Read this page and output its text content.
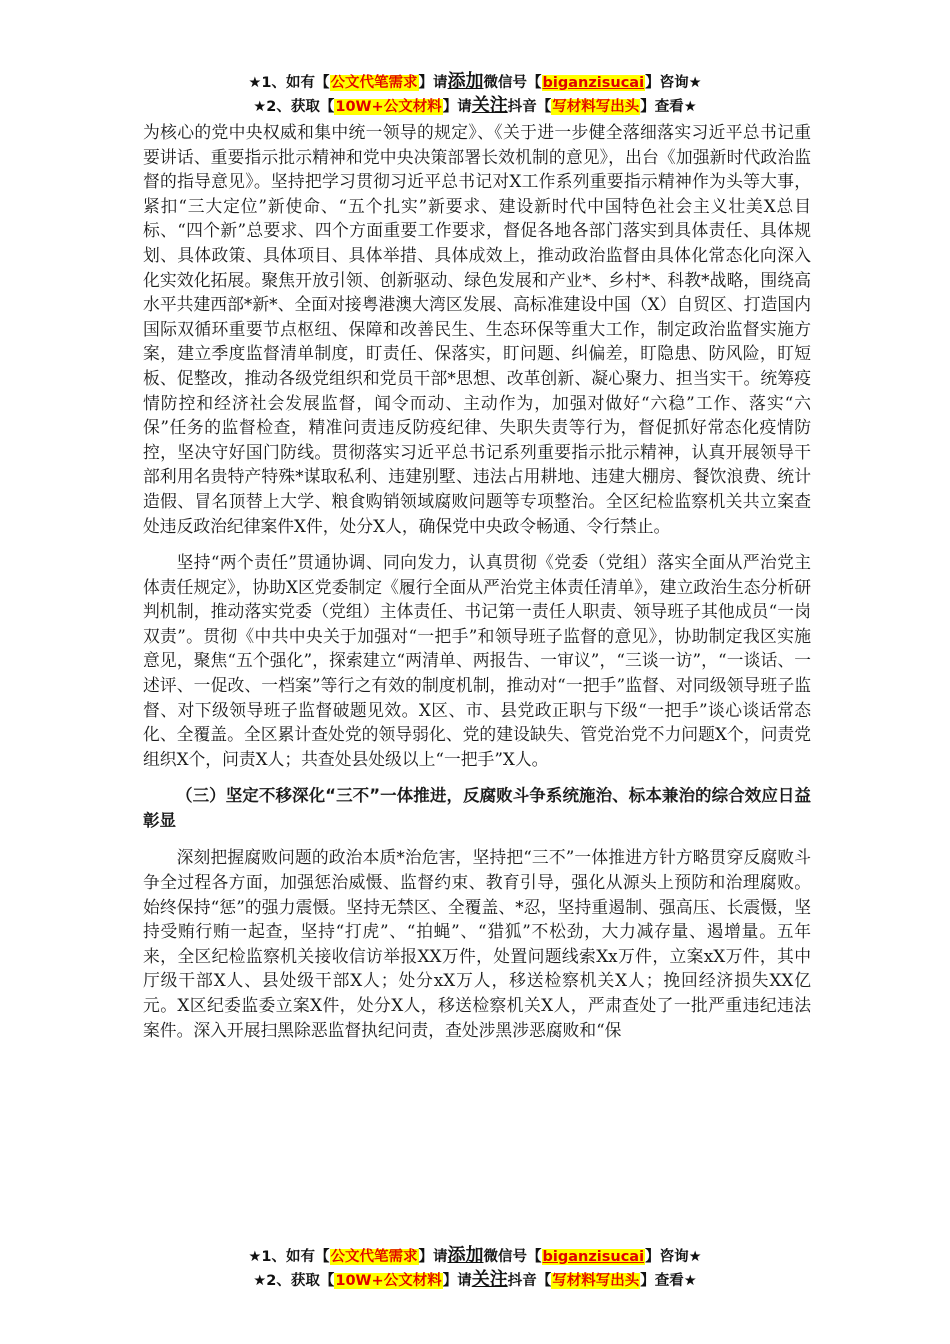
★1、如有【公文代笔需求】请添加微信号【biganzisucai】咨询★
★2、获取【10W+公文材料】请关注抖音【写材料写出头】查看★

为核心的党中央权威和集中统一领导的规定》、《关于进一步健全落细落实习近平总书记重要讲话、重要指示批示精神和党中央决策部署长效机制的意见》，出台《加强新时代政治监督的指导意见》。坚持把学习贯彻习近平总书记对X工作系列重要指示精神作为头等大事，紧扣“三大定位”新使命、“五个扎实”新要求、建设新时代中国特色社会主义壮美X总目标、“四个新”总要求、四个方面重要工作要求，督促各地各部门落实到具体责任、具体规划、具体政策、具体项目、具体举措、具体成效上，推动政治监督由具体化常态化向深入化实效化拓展。聚焦开放引领、创新驱动、绿色发展和产业*、乡村*、科教*战略，围绕高水平共建西部*新*、全面对接粤港澳大湾区发展、高标准建设中国（X）自贸区、打造国内国际双循环重要节点枢纽、保障和改善民生、生态环保等重大工作，制定政治监督实施方案，建立季度监督清单制度，盯责任、保落实，盯问题、纠偏差，盯隐患、防风险，盯短板、促整改，推动各级党组织和党员干部*思想、改革创新、凝心聚力、担当实干。统筹疫情防控和经济社会发展监督，闻令而动、主动作为，加强对做好“六稳”工作、落实“六保”任务的监督检查，精准问责违反防疫纪律、失职失责等行为，督促抓好常态化疫情防控，坚决守好国门防线。贯彻落实习近平总书记系列重要指示批示精神，认真开展领导干部利用名贵特产特殊*谋取私利、违建别墅、违法占用耕地、违建大棚房、餐饮浪费、统计造假、冒名顶替上大学、粮食购销领域腐败问题等专项整治。全区纪检监察机关共立案查处违反政治纪律案件X件，处分X人，确保党中央政令畅通、令行禁止。

坚持“两个责任”贯通协调、同向发力，认真贯彻《党委（党组）落实全面从严治党主体责任规定》，协助X区党委制定《履行全面从严治党主体责任清单》，建立政治生态分析研判机制，推动落实党委（党组）主体责任、书记第一责任人职责、领导班子其他成员“一岗双责”。贯彻《中共中央关于加强对“一把手”和领导班子监督的意见》，协助制定我区实施意见，聚焦“五个强化”，探索建立“两清单、两报告、一审议”，“三谈一访”，“一谈话、一述评、一促改、一档案”等行之有效的制度机制，推动对“一把手”监督、对同级领导班子监督、对下级领导班子监督破题见效。X区、市、县党政正职与下级“一把手”谈心谈话常态化、全覆盖。全区累计查处党的领导弱化、党的建设缺失、管党治党不力问题X个，问责党组织X个，问责X人；共查处县处级以上“一把手”X人。

（三）坚定不移深化“三不”一体推进，反腐败斗争系统施治、标本兼治的综合效应日益彰显

深刻把握腐败问题的政治本质*治危害，坚持把“三不”一体推进方针方略贯穿反腐败斗争全过程各方面，加强惩治威慑、监督约束、教育引导，强化从源头上预防和治理腐败。始终保持“惩”的强力震慑。坚持无禁区、全覆盖、*忍，坚持重遏制、强高压、长震慑，坚持受贿行贿一起查，坚持“打虎”、“拍蝇”、“猎狐”不松劲，大力减存量、遏增量。五年来，全区纪检监察机关接收信访举报XX万件，处置问题线索Xx万件，立案xX万件，其中厅级干部X人、县处级干部X人；处分xX万人，移送检察机关X人；挽回经济损失XX亿元。X区纪委监委立案X件，处分X人，移送检察机关X人，严肃查处了一批严重违纪违法案件。深入开展扫黑除恶监督执纪问责，查处涉黑涉恶腐败和“保

★1、如有【公文代笔需求】请添加微信号【biganzisucai】咨询★
★2、获取【10W+公文材料】请关注抖音【写材料写出头】查看★
